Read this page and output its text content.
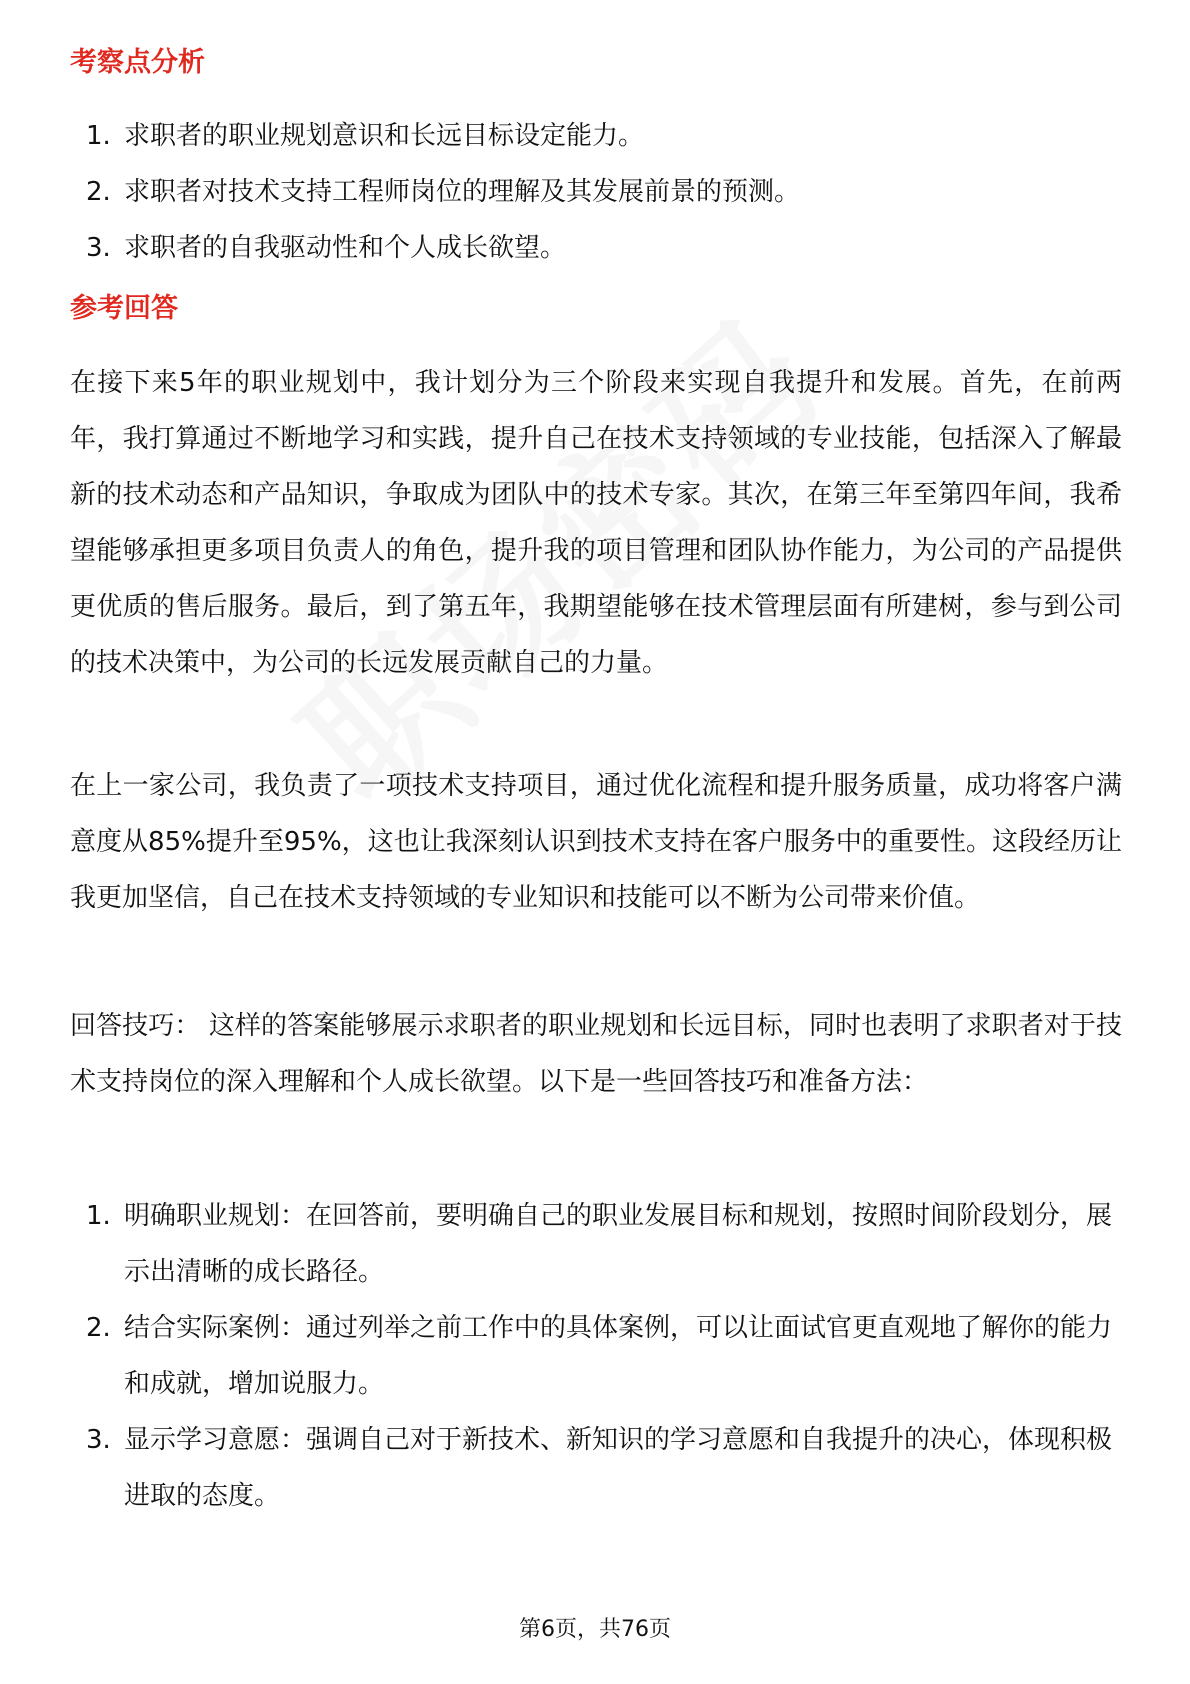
考察点分析
1. 求职者的职业规划意识和长远目标设定能力。
2. 求职者对技术支持工程师岗位的理解及其发展前景的预测。
3. 求职者的自我驱动性和个人成长欲望。
参考回答

在接下来5年的职业规划中，我计划分为三个阶段来实现自我提升和发展。首先，在前两年，我打算通过不断地学习和实践，提升自己在技术支持领域的专业技能，包括深入了解最新的技术动态和产品知识，争取成为团队中的技术专家。其次，在第三年至第四年间，我希望能够承担更多项目负责人的角色，提升我的项目管理和团队协作能力，为公司的产品提供更优质的售后服务。最后，到了第五年，我期望能够在技术管理层面有所建树，参与到公司的技术决策中，为公司的长远发展贡献自己的力量。

在上一家公司，我负责了一项技术支持项目，通过优化流程和提升服务质量，成功将客户满意度从85%提升至95%，这也让我深刻认识到技术支持在客户服务中的重要性。这段经历让我更加坚信，自己在技术支持领域的专业知识和技能可以不断为公司带来价值。

回答技巧： 这样的答案能够展示求职者的职业规划和长远目标，同时也表明了求职者对于技术支持岗位的深入理解和个人成长欲望。以下是一些回答技巧和准备方法：

1. 明确职业规划：在回答前，要明确自己的职业发展目标和规划，按照时间阶段划分，展示出清晰的成长路径。
2. 结合实际案例：通过列举之前工作中的具体案例，可以让面试官更直观地了解你的能力和成就，增加说服力。
3. 显示学习意愿：强调自己对于新技术、新知识的学习意愿和自我提升的决心，体现积极进取的态度。
第6页，共76页
